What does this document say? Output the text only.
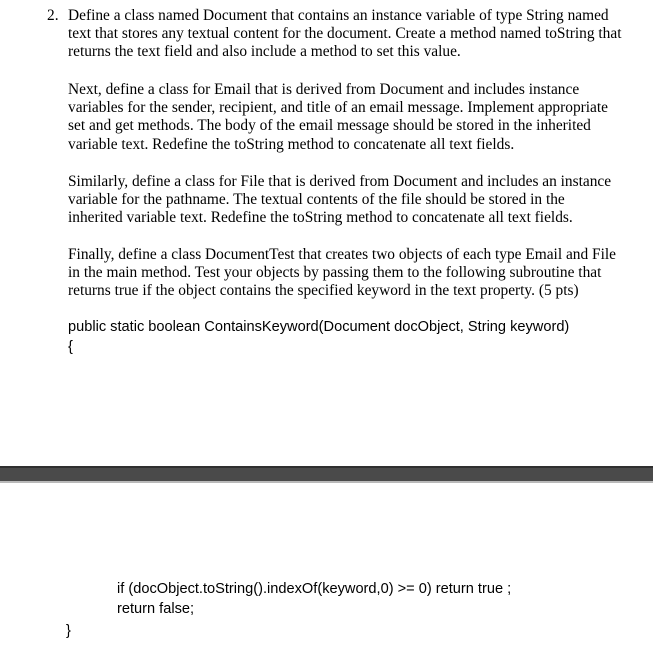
2. Define a class named Document that contains an instance variable of type String named
text that stores any textual content for the document. Create a method named toString that
returns the text field and also include a method to set this value.

Next, define a class for Email that is derived from Document and includes instance
variables for the sender, recipient, and title of an email message. Implement appropriate
set and get methods. The body of the email message should be stored in the inherited
variable text. Redefine the toString method to concatenate all text fields.

Similarly, define a class for File that is derived from Document and includes an instance
variable for the pathname. The textual contents of the file should be stored in the
inherited variable text. Redefine the toString method to concatenate all text fields.

Finally, define a class DocumentTest that creates two objects of each type Email and File
in the main method. Test your objects by passing them to the following subroutine that
returns true if the object contains the specified keyword in the text property. (5 pts)

public static boolean ContainsKeyword(Document docObject, String keyword)
{
if (docObject.toString().indexOf(keyword,0) >= 0) return true ;
return false;
}
